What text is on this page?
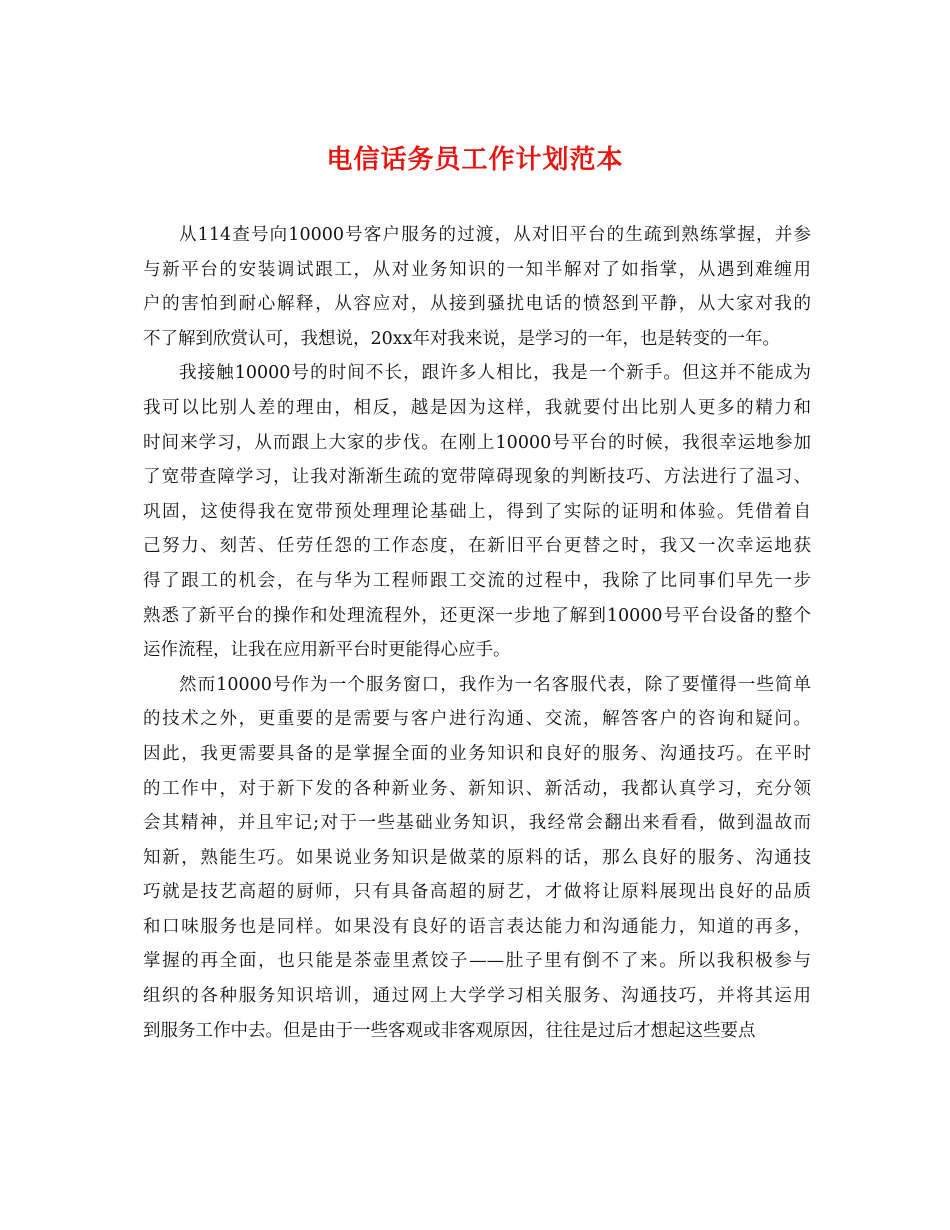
电信话务员工作计划范本
从114查号向10000号客户服务的过渡，从对旧平台的生疏到熟练掌握，并参
与新平台的安装调试跟工，从对业务知识的一知半解对了如指掌，从遇到难缠用
户的害怕到耐心解释，从容应对，从接到骚扰电话的愤怒到平静，从大家对我的
不了解到欣赏认可，我想说，20xx年对我来说，是学习的一年，也是转变的一年。
我接触10000号的时间不长，跟许多人相比，我是一个新手。但这并不能成为
我可以比别人差的理由，相反，越是因为这样，我就要付出比别人更多的精力和
时间来学习，从而跟上大家的步伐。在刚上10000号平台的时候，我很幸运地参加
了宽带查障学习，让我对渐渐生疏的宽带障碍现象的判断技巧、方法进行了温习、
巩固，这使得我在宽带预处理理论基础上，得到了实际的证明和体验。凭借着自
己努力、刻苦、任劳任怨的工作态度，在新旧平台更替之时，我又一次幸运地获
得了跟工的机会，在与华为工程师跟工交流的过程中，我除了比同事们早先一步
熟悉了新平台的操作和处理流程外，还更深一步地了解到10000号平台设备的整个
运作流程，让我在应用新平台时更能得心应手。
然而10000号作为一个服务窗口，我作为一名客服代表，除了要懂得一些简单
的技术之外，更重要的是需要与客户进行沟通、交流，解答客户的咨询和疑问。
因此，我更需要具备的是掌握全面的业务知识和良好的服务、沟通技巧。在平时
的工作中，对于新下发的各种新业务、新知识、新活动，我都认真学习，充分领
会其精神，并且牢记;对于一些基础业务知识，我经常会翻出来看看，做到温故而
知新，熟能生巧。如果说业务知识是做菜的原料的话，那么良好的服务、沟通技
巧就是技艺高超的厨师，只有具备高超的厨艺，才做将让原料展现出良好的品质
和口味服务也是同样。如果没有良好的语言表达能力和沟通能力，知道的再多，
掌握的再全面，也只能是茶壶里煮饺子——肚子里有倒不了来。所以我积极参与
组织的各种服务知识培训，通过网上大学学习相关服务、沟通技巧，并将其运用
到服务工作中去。但是由于一些客观或非客观原因，往往是过后才想起这些要点
